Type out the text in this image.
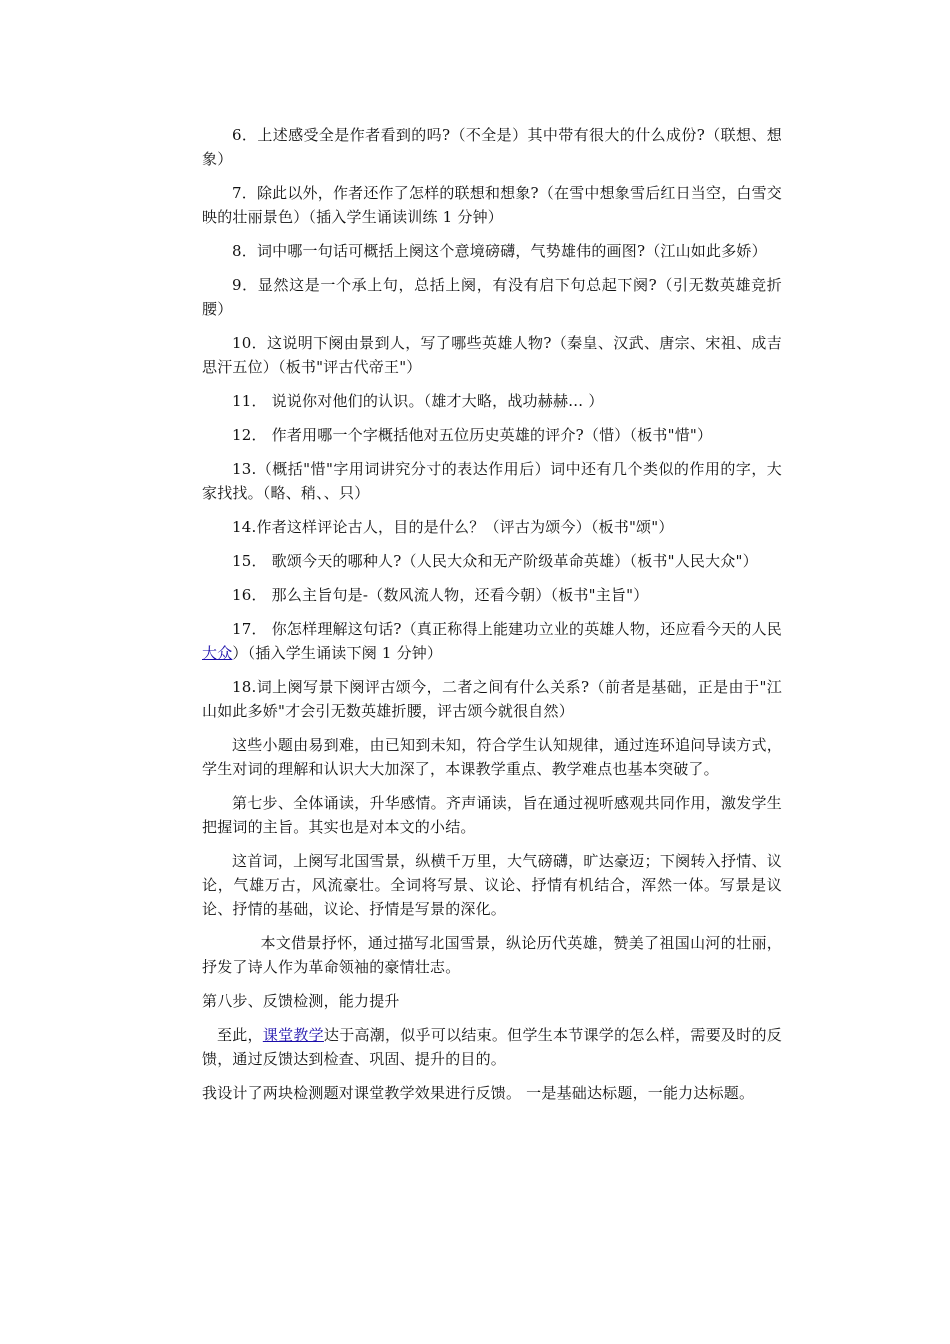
6．上述感受全是作者看到的吗?（不全是）其中带有很大的什么成份?（联想、想象）

7．除此以外，作者还作了怎样的联想和想象?（在雪中想象雪后红日当空，白雪交映的壮丽景色）（插入学生诵读训练 1 分钟）

8．词中哪一句话可概括上阕这个意境磅礴，气势雄伟的画图?（江山如此多娇）

9．显然这是一个承上句，总括上阕，有没有启下句总起下阕?（引无数英雄竞折腰）

10．这说明下阕由景到人，写了哪些英雄人物?（秦皇、汉武、唐宗、宋祖、成吉思汗五位）（板书"评古代帝王"）

11． 说说你对他们的认识。（雄才大略，战功赫赫… ）

12． 作者用哪一个字概括他对五位历史英雄的评介?（惜）（板书"惜"）

13.（概括"惜"字用词讲究分寸的表达作用后）词中还有几个类似的作用的字，大家找找。（略、稍、、只）

14.作者这样评论古人，目的是什么？（评古为颂今）（板书"颂"）

15． 歌颂今天的哪种人?（人民大众和无产阶级革命英雄）（板书"人民大众"）

16． 那么主旨句是-（数风流人物，还看今朝）（板书"主旨"）

17． 你怎样理解这句话?（真正称得上能建功立业的英雄人物，还应看今天的人民大众）（插入学生诵读下阕 1 分钟）

18.词上阕写景下阕评古颂今，二者之间有什么关系?（前者是基础，正是由于"江山如此多娇"才会引无数英雄折腰，评古颂今就很自然）

这些小题由易到难，由已知到未知，符合学生认知规律，通过连环追问导读方式，学生对词的理解和认识大大加深了，本课教学重点、教学难点也基本突破了。

第七步、全体诵读，升华感情。齐声诵读，旨在通过视听感观共同作用，激发学生把握词的主旨。其实也是对本文的小结。

这首词，上阕写北国雪景，纵横千万里，大气磅礴，旷达豪迈；下阕转入抒情、议论，气雄万古，风流豪壮。全词将写景、议论、抒情有机结合，浑然一体。写景是议论、抒情的基础，议论、抒情是写景的深化。

本文借景抒怀，通过描写北国雪景，纵论历代英雄，赞美了祖国山河的壮丽，抒发了诗人作为革命领袖的豪情壮志。

第八步、反馈检测，能力提升

至此，课堂教学达于高潮，似乎可以结束。但学生本节课学的怎么样，需要及时的反馈，通过反馈达到检查、巩固、提升的目的。

我设计了两块检测题对课堂教学效果进行反馈。 一是基础达标题，一能力达标题。
